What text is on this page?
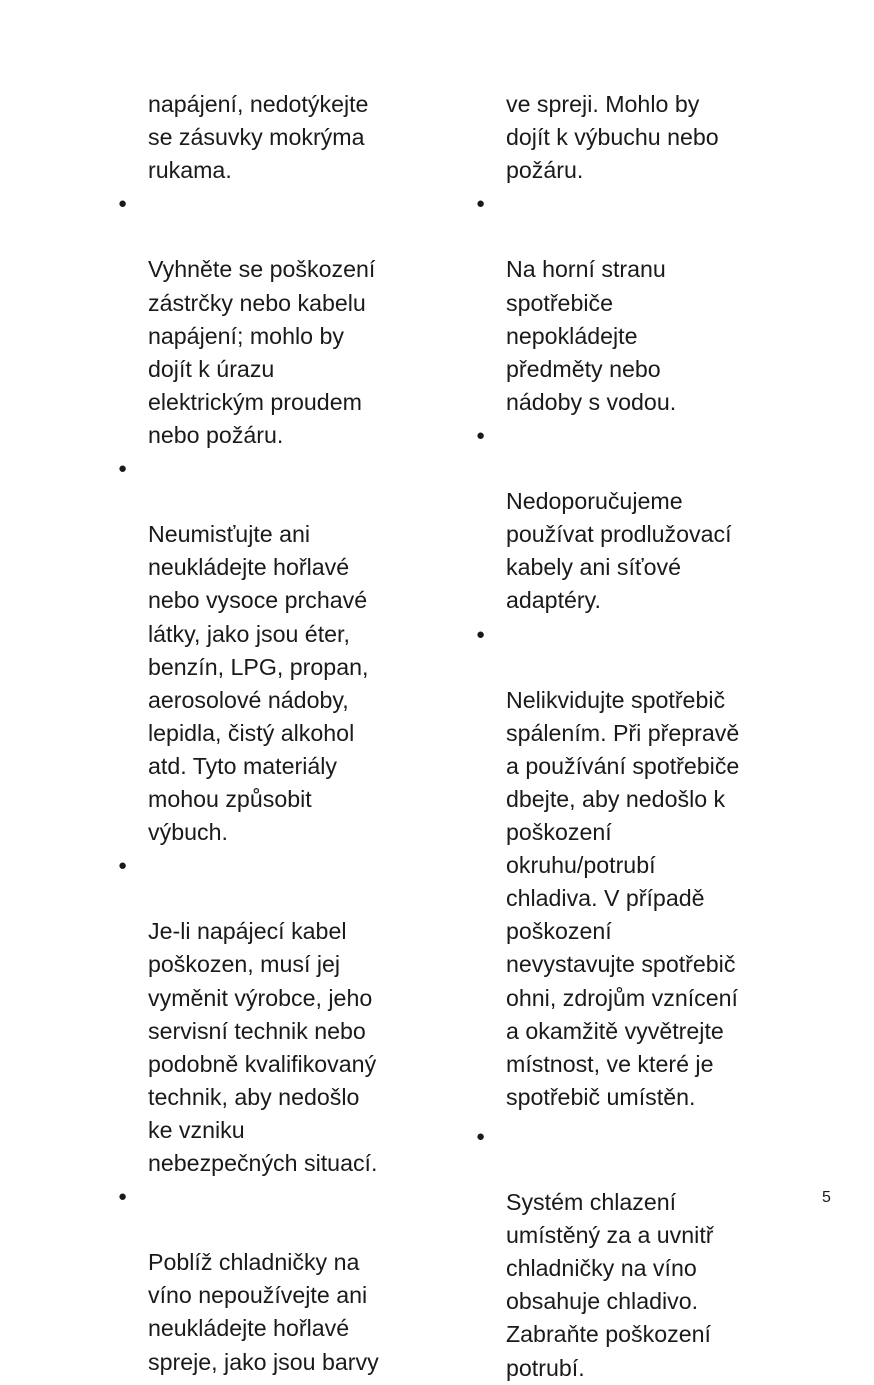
napájení, nedotýkejte
se zásuvky mokrýma
rukama.

●

Vyhněte se poškození
zástrčky nebo kabelu
napájení; mohlo by
dojít k úrazu
elektrickým proudem
nebo požáru.

●

Neumisťujte ani
neukládejte hořlavé
nebo vysoce prchavé
látky, jako jsou éter,
benzín, LPG, propan,
aerosolové nádoby,
lepidla, čistý alkohol
atd. Tyto materiály
mohou způsobit
výbuch.

●

Je-li napájecí kabel
poškozen, musí jej
vyměnit výrobce, jeho
servisní technik nebo
podobně kvalifikovaný
technik, aby nedošlo
ke vzniku
nebezpečných situací.

●

Poblíž chladničky na
víno nepoužívejte ani
neukládejte hořlavé
spreje, jako jsou barvy

ve spreji. Mohlo by
dojít k výbuchu nebo
požáru.

●

Na horní stranu
spotřebiče
nepokládejte
předměty nebo
nádoby s vodou.

●

Nedoporučujeme
používat prodlužovací
kabely ani síťové
adaptéry.

●

Nelikvidujte spotřebič
spálením. Při přepravě
a používání spotřebiče
dbejte, aby nedošlo k
poškození
okruhu/potrubí
chladiva. V případě
poškození
nevystavujte spotřebič
ohni, zdrojům vznícení
a okamžitě vyvětrejte
místnost, ve které je
spotřebič umístěn.

●

Systém chlazení
umístěný za a uvnitř
chladničky na víno
obsahuje chladivo.
Zabraňte poškození
potrubí.

5
